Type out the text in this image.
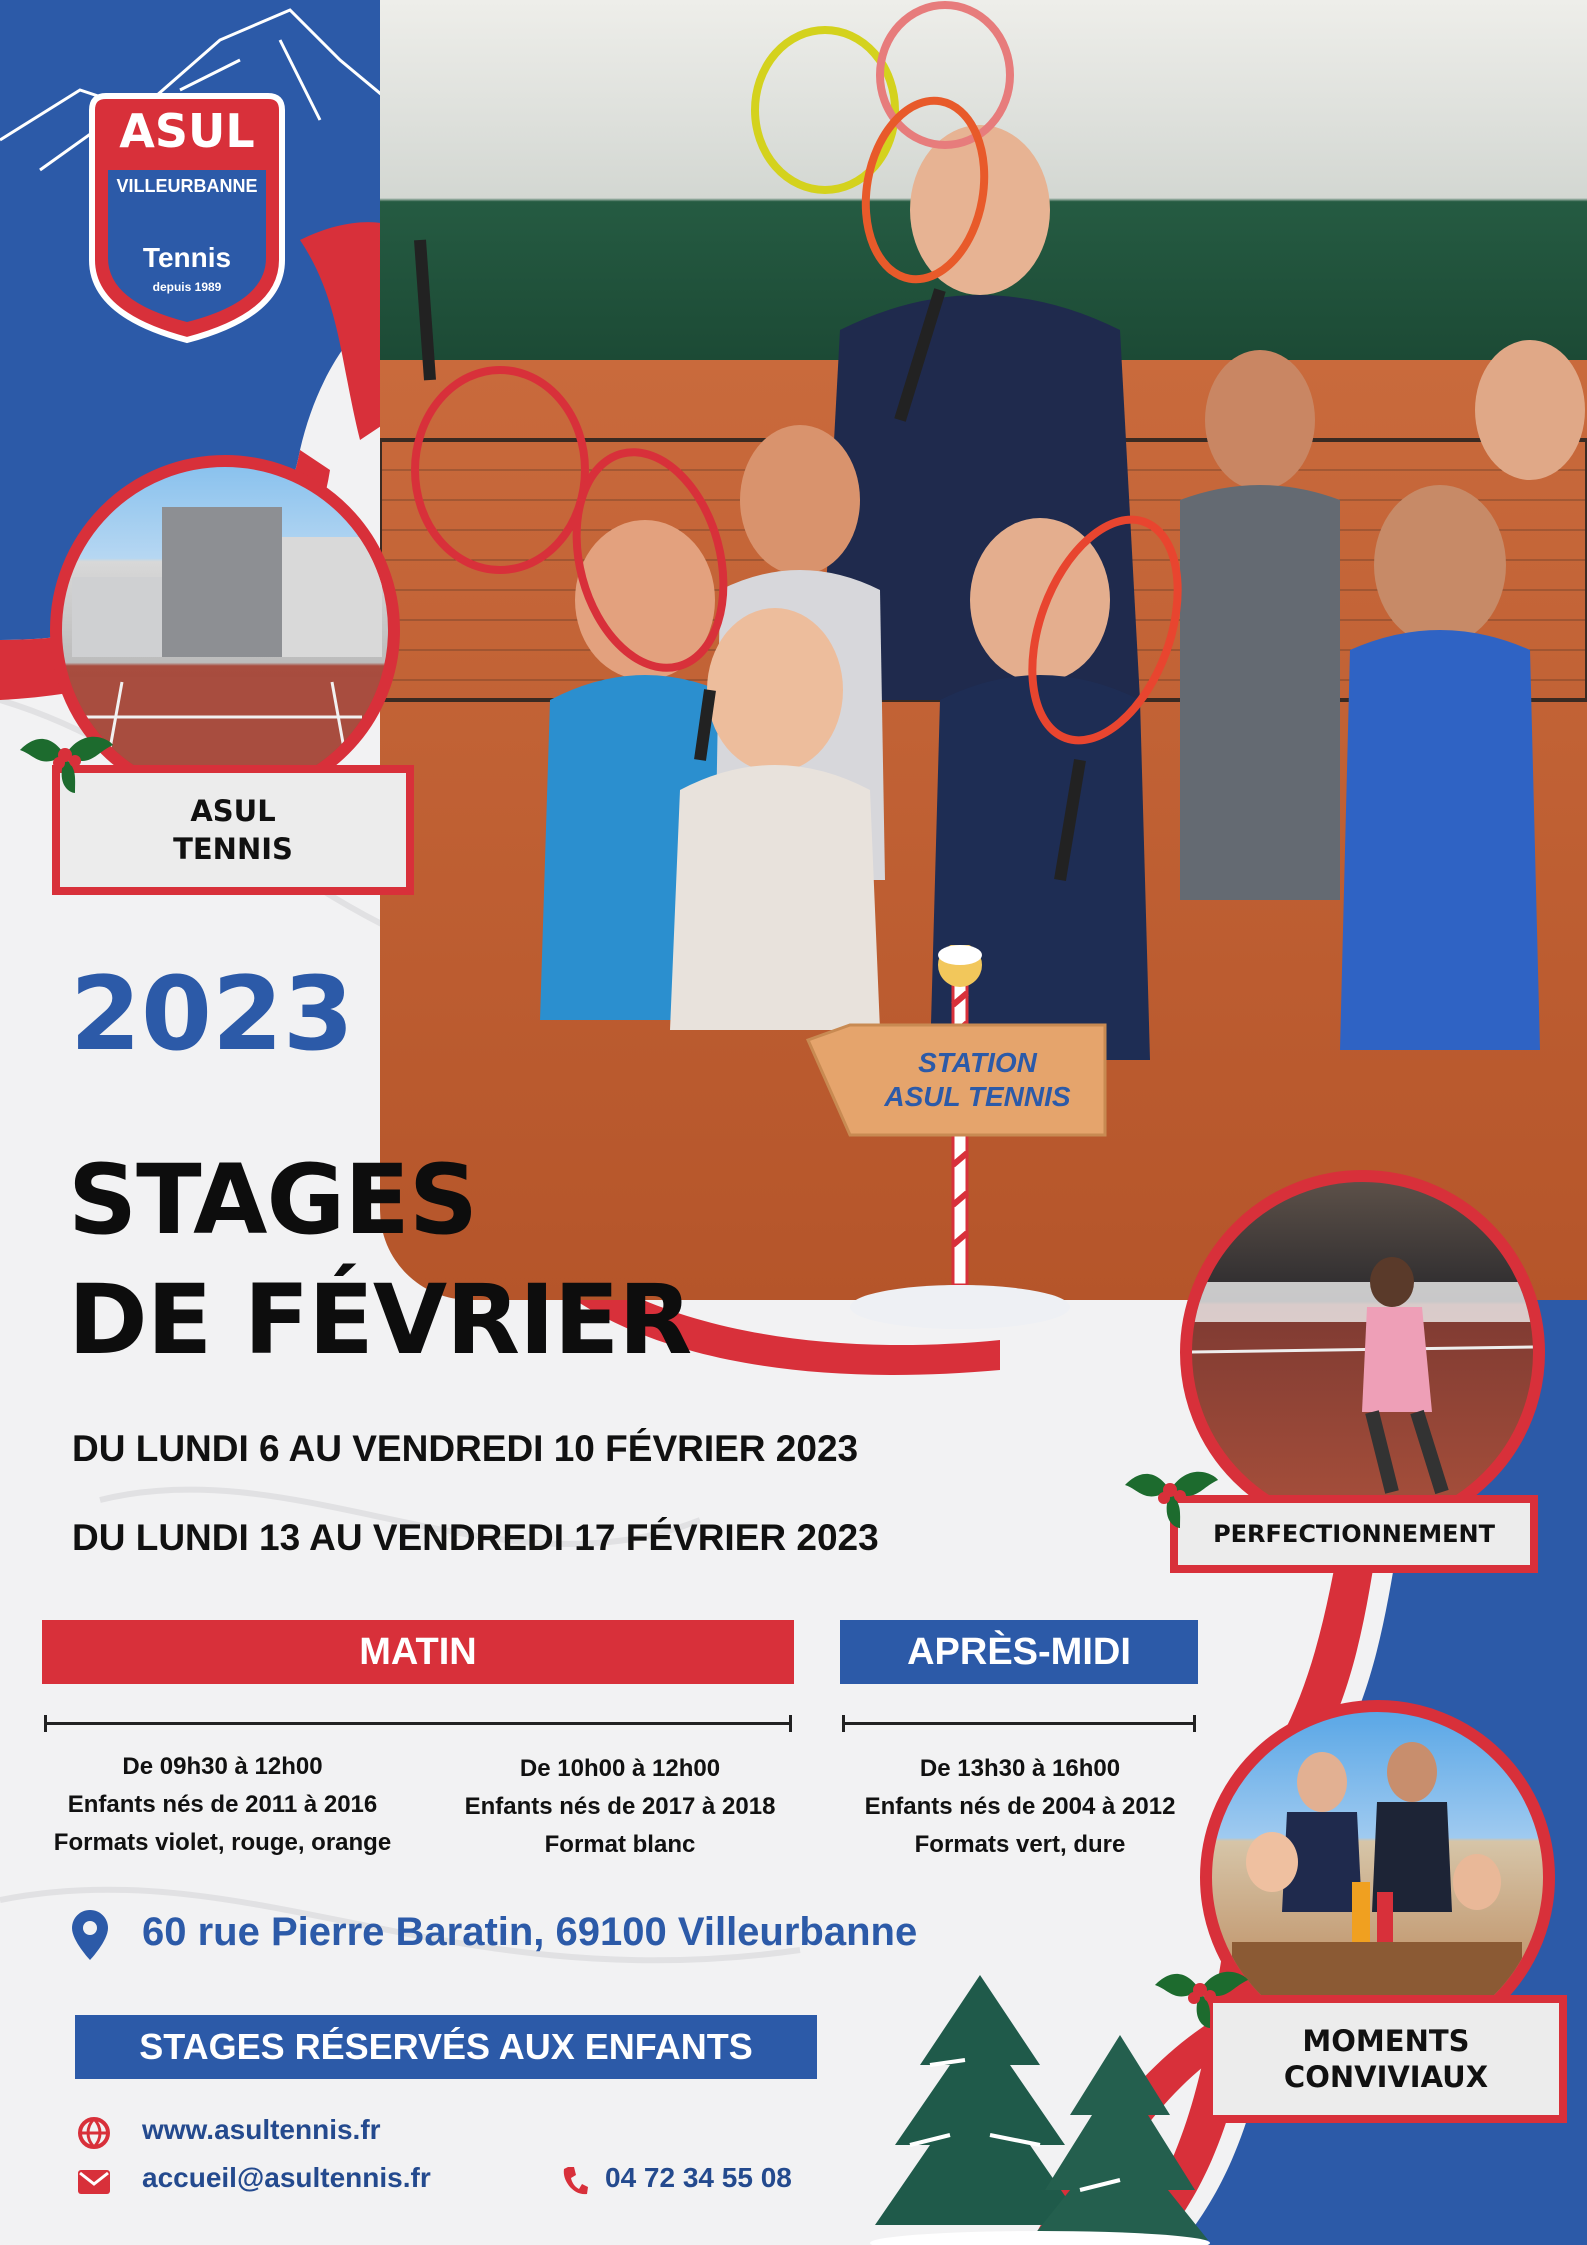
ASUL
VILLEURBANNE
Tennis
depuis 1989
STATION
ASUL TENNIS
ASUL
TENNIS
PERFECTIONNEMENT
MOMENTS
CONVIVIAUX
2023
STAGES
DE FÉVRIER
DU LUNDI 6 AU VENDREDI 10 FÉVRIER 2023
DU LUNDI 13 AU VENDREDI 17 FÉVRIER 2023
MATIN	APRÈS-MIDI
De 09h30 à 12h00
Enfants nés de 2011 à 2016
Formats violet, rouge, orange
De 10h00 à 12h00
Enfants nés de 2017 à 2018
Format blanc
De 13h30 à 16h00
Enfants nés de 2004 à 2012
Formats vert, dure
60 rue Pierre Baratin, 69100 Villeurbanne
STAGES RÉSERVÉS AUX ENFANTS
www.asultennis.fr
accueil@asultennis.fr	04 72 34 55 08
